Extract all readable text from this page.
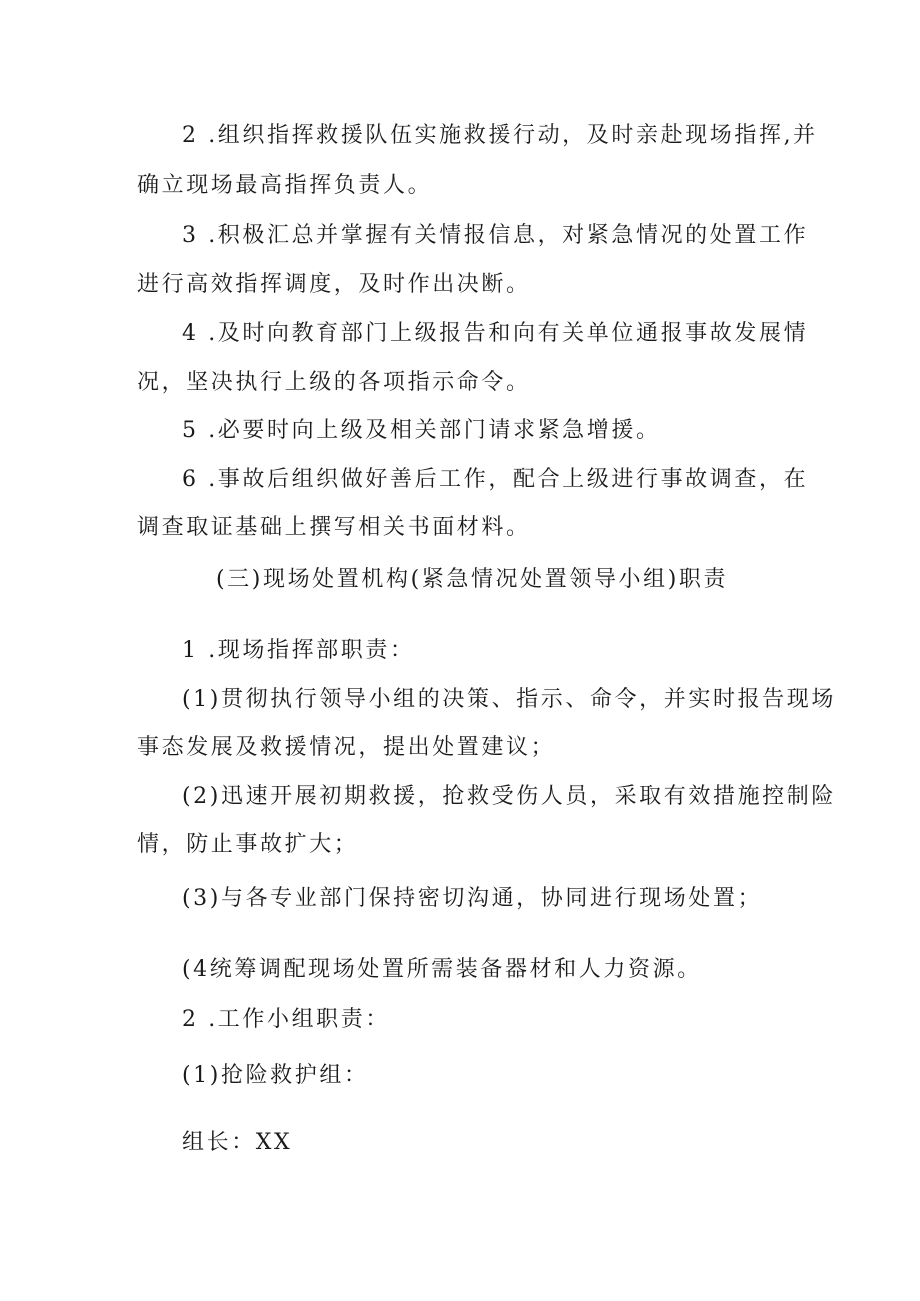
2 .组织指挥救援队伍实施救援行动，及时亲赴现场指挥,并
确立现场最高指挥负责人。
3 .积极汇总并掌握有关情报信息，对紧急情况的处置工作
进行高效指挥调度，及时作出决断。
4 .及时向教育部门上级报告和向有关单位通报事故发展情
况，坚决执行上级的各项指示命令。
5 .必要时向上级及相关部门请求紧急增援。
6 .事故后组织做好善后工作，配合上级进行事故调查，在
调查取证基础上撰写相关书面材料。
(三)现场处置机构(紧急情况处置领导小组)职责
1 .现场指挥部职责：
(1)贯彻执行领导小组的决策、指示、命令，并实时报告现场
事态发展及救援情况，提出处置建议；
(2)迅速开展初期救援，抢救受伤人员，采取有效措施控制险
情，防止事故扩大；
(3)与各专业部门保持密切沟通，协同进行现场处置；
(4统筹调配现场处置所需装备器材和人力资源。
2 .工作小组职责：
(1)抢险救护组：
组长：XX
